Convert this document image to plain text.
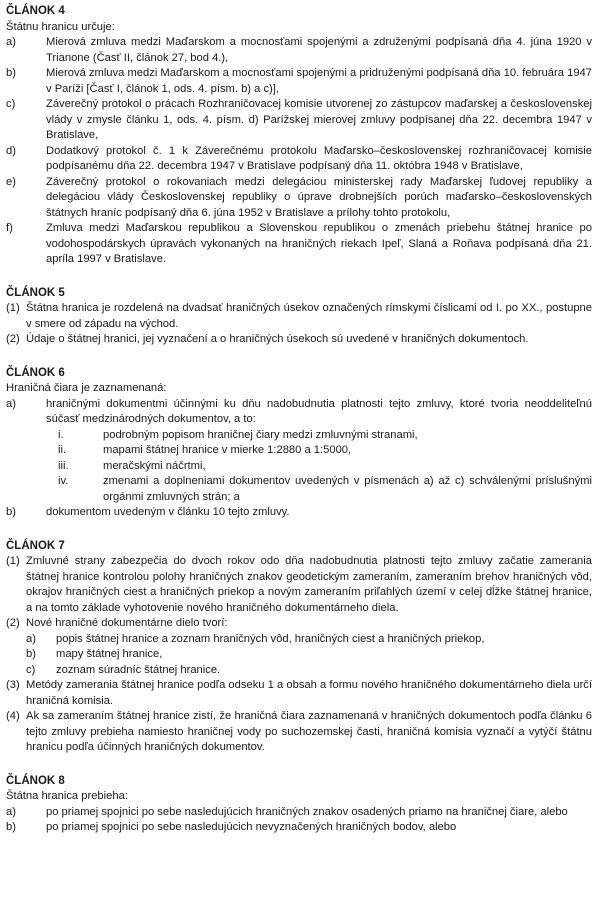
ČLÁNOK 4

Štátnu hranicu určuje:

a)	Mierová zmluva medzi Maďarskom a mocnosťami spojenými a združenými podpísaná dňa 4. júna 1920 v Trianone (Časť II, článok 27, bod 4.),
b)	Mierová zmluva medzi Maďarskom a mocnosťami spojenými a pridruženými podpísaná dňa 10. februára 1947 v Paríži [Časť I, článok 1, ods. 4. písm. b) a c)],
c)	Záverečný protokol o prácach Rozhraničovacej komisie utvorenej zo zástupcov maďarskej a československej vlády v zmysle článku 1, ods. 4. písm. d) Parížskej mierovej zmluvy podpísanej dňa 22. decembra 1947 v Bratislave,
d)	Dodatkový protokol č. 1 k Záverečnému protokolu Maďarsko–československej rozhraničovacej komisie podpísanému dňa 22. decembra 1947 v Bratislave podpísaný dňa 11. októbra 1948 v Bratislave,
e)	Záverečný protokol o rokovaniach medzi delegáciou ministerskej rady Maďarskej ľudovej republiky a delegáciou vlády Československej republiky o úprave drobnejších porúch maďarsko–československých štátnych hraníc podpísaný dňa 6. júna 1952 v Bratislave a prílohy tohto protokolu,
f)	Zmluva medzi Maďarskou republikou a Slovenskou republikou o zmenách priebehu štátnej hranice po vodohospodárskych úpravách vykonaných na hraničných riekach Ipeľ, Slaná a Roňava podpísaná dňa 21. apríla 1997 v Bratislave.

ČLÁNOK 5

(1) Štátna hranica je rozdelená na dvadsať hraničných úsekov označených rímskymi číslicami od I. po XX., postupne v smere od západu na východ.
(2) Údaje o štátnej hranici, jej vyznačení a o hraničných úsekoch sú uvedené v hraničných dokumentoch.

ČLÁNOK 6

Hraničná čiara je zaznamenaná:

a)	hraničnými dokumentmi účinnými ku dňu nadobudnutia platnosti tejto zmluvy, ktoré tvoria neoddeliteľnú súčasť medzinárodných dokumentov, a to:
i.	podrobným popisom hraničnej čiary medzi zmluvnými stranami,
ii.	mapami štátnej hranice v mierke 1:2880 a 1:5000,
iii.	meračskými náčrtmi,
iv.	zmenami a doplneniami dokumentov uvedených v písmenách a) až c) schválenými príslušnými orgánmi zmluvných strán; a
b)	dokumentom uvedeným v článku 10 tejto zmluvy.

ČLÁNOK 7

(1) Zmluvné strany zabezpečia do dvoch rokov odo dňa nadobudnutia platnosti tejto zmluvy začatie zamerania štátnej hranice kontrolou polohy hraničných znakov geodetickým zameraním, zameraním brehov hraničných vôd, okrajov hraničných ciest a hraničných priekop a novým zameraním priľahlých území v celej dĺžke štátnej hranice, a na tomto základe vyhotovenie nového hraničného dokumentárneho diela.
(2) Nové hraničné dokumentárne dielo tvorí:
a)	popis štátnej hranice a zoznam hraničných vôd, hraničných ciest a hraničných priekop,
b)	mapy štátnej hranice,
c)	zoznam súradníc štátnej hranice.
(3) Metódy zamerania štátnej hranice podľa odseku 1 a obsah a formu nového hraničného dokumentárneho diela určí hraničná komisia.
(4) Ak sa zameraním štátnej hranice zistí, že hraničná čiara zaznamenaná v hraničných dokumentoch podľa článku 6 tejto zmluvy prebieha namiesto hraničnej vody po suchozemskej časti, hraničná komisia vyznačí a vytýčí štátnu hranicu podľa účinných hraničných dokumentov.

ČLÁNOK 8

Štátna hranica prebieha:

a)	po priamej spojnici po sebe nasledujúcich hraničných znakov osadených priamo na hraničnej čiare, alebo
b)	po priamej spojnici po sebe nasledujúcich nevyznačených hraničných bodov, alebo
